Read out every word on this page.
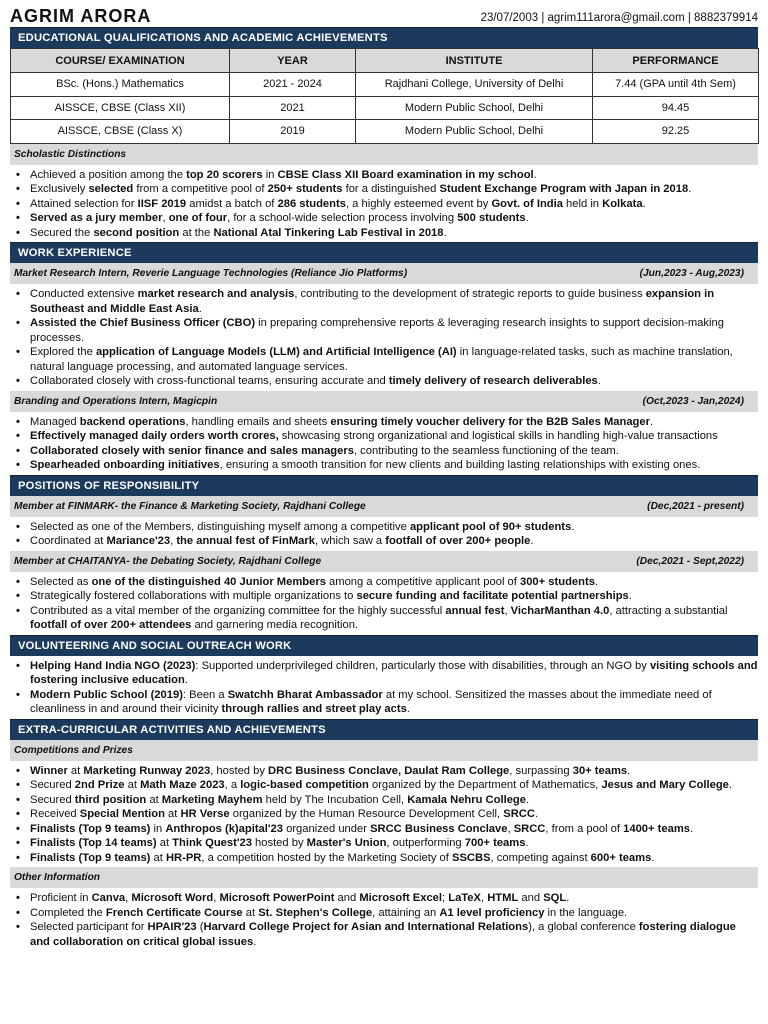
AGRIM ARORA	23/07/2003 | agrim111arora@gmail.com | 8882379914
EDUCATIONAL QUALIFICATIONS AND ACADEMIC ACHIEVEMENTS
COURSE/ EXAMINATION	YEAR	INSTITUTE	PERFORMANCE
BSc. (Hons.) Mathematics	2021 - 2024	Rajdhani College, University of Delhi	7.44 (GPA until 4th Sem)
AISSCE, CBSE (Class XII)	2021	Modern Public School, Delhi	94.45
AISSCE, CBSE (Class X)	2019	Modern Public School, Delhi	92.25
Scholastic Distinctions
• Achieved a position among the top 20 scorers in CBSE Class XII Board examination in my school.
• Exclusively selected from a competitive pool of 250+ students for a distinguished Student Exchange Program with Japan in 2018.
• Attained selection for IISF 2019 amidst a batch of 286 students, a highly esteemed event by Govt. of India held in Kolkata.
• Served as a jury member, one of four, for a school-wide selection process involving 500 students.
• Secured the second position at the National Atal Tinkering Lab Festival in 2018.
WORK EXPERIENCE
Market Research Intern, Reverie Language Technologies (Reliance Jio Platforms)	(Jun,2023 - Aug,2023)
• Conducted extensive market research and analysis, contributing to the development of strategic reports to guide business expansion in Southeast and Middle East Asia.
• Assisted the Chief Business Officer (CBO) in preparing comprehensive reports & leveraging research insights to support decision-making processes.
• Explored the application of Language Models (LLM) and Artificial Intelligence (AI) in language-related tasks, such as machine translation, natural language processing, and automated language services.
• Collaborated closely with cross-functional teams, ensuring accurate and timely delivery of research deliverables.
Branding and Operations Intern, Magicpin	(Oct,2023 - Jan,2024)
• Managed backend operations, handling emails and sheets ensuring timely voucher delivery for the B2B Sales Manager.
• Effectively managed daily orders worth crores, showcasing strong organizational and logistical skills in handling high-value transactions
• Collaborated closely with senior finance and sales managers, contributing to the seamless functioning of the team.
• Spearheaded onboarding initiatives, ensuring a smooth transition for new clients and building lasting relationships with existing ones.
POSITIONS OF RESPONSIBILITY
Member at FINMARK- the Finance & Marketing Society, Rajdhani College	(Dec,2021 - present)
• Selected as one of the Members, distinguishing myself among a competitive applicant pool of 90+ students.
• Coordinated at Mariance'23, the annual fest of FinMark, which saw a footfall of over 200+ people.
Member at CHAITANYA- the Debating Society, Rajdhani College	(Dec,2021 - Sept,2022)
• Selected as one of the distinguished 40 Junior Members among a competitive applicant pool of 300+ students.
• Strategically fostered collaborations with multiple organizations to secure funding and facilitate potential partnerships.
• Contributed as a vital member of the organizing committee for the highly successful annual fest, VicharManthan 4.0, attracting a substantial footfall of over 200+ attendees and garnering media recognition.
VOLUNTEERING AND SOCIAL OUTREACH WORK
• Helping Hand India NGO (2023): Supported underprivileged children, particularly those with disabilities, through an NGO by visiting schools and fostering inclusive education.
• Modern Public School (2019): Been a Swatchh Bharat Ambassador at my school. Sensitized the masses about the immediate need of cleanliness in and around their vicinity through rallies and street play acts.
EXTRA-CURRICULAR ACTIVITIES AND ACHIEVEMENTS
Competitions and Prizes
• Winner at Marketing Runway 2023, hosted by DRC Business Conclave, Daulat Ram College, surpassing 30+ teams.
• Secured 2nd Prize at Math Maze 2023, a logic-based competition organized by the Department of Mathematics, Jesus and Mary College.
• Secured third position at Marketing Mayhem held by The Incubation Cell, Kamala Nehru College.
• Received Special Mention at HR Verse organized by the Human Resource Development Cell, SRCC.
• Finalists (Top 9 teams) in Anthropos (k)apital'23 organized under SRCC Business Conclave, SRCC, from a pool of 1400+ teams.
• Finalists (Top 14 teams) at Think Quest'23 hosted by Master's Union, outperforming 700+ teams.
• Finalists (Top 9 teams) at HR-PR, a competition hosted by the Marketing Society of SSCBS, competing against 600+ teams.
Other Information
• Proficient in Canva, Microsoft Word, Microsoft PowerPoint and Microsoft Excel; LaTeX, HTML and SQL.
• Completed the French Certificate Course at St. Stephen's College, attaining an A1 level proficiency in the language.
• Selected participant for HPAIR'23 (Harvard College Project for Asian and International Relations), a global conference fostering dialogue and collaboration on critical global issues.
